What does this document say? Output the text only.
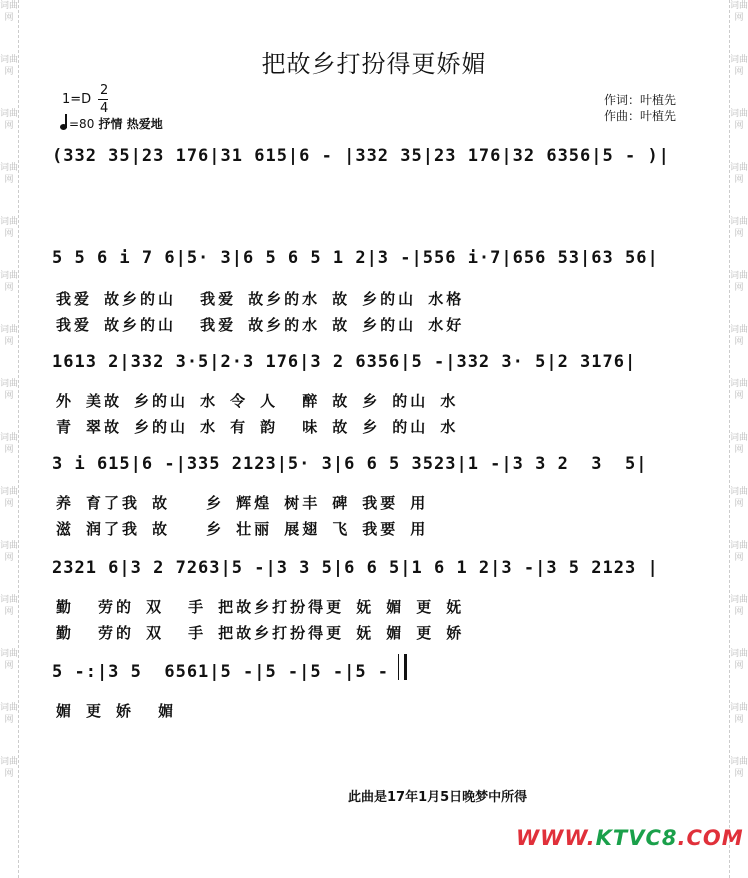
词曲网
词曲网
词曲网
词曲网
词曲网
词曲网
词曲网
词曲网
词曲网
词曲网
词曲网
词曲网
词曲网
词曲网
词曲网
词曲网
词曲网
词曲网
词曲网
词曲网
词曲网
词曲网
词曲网
词曲网
词曲网
词曲网
词曲网
词曲网
词曲网
词曲网
把故乡打扮得更娇媚
1=D
2
4
=80 抒情 热爱地
作词：叶植先
作曲：叶植先
(332 35|23 176|31 615|6 - |332 35|23 176|32 6356|5 - )|
5 5 6 i 7 6|5· 3|6 5 6 5 1 2|3 -|556 i·7|656 53|63 56|
我爱 故乡的山  我爱 故乡的水 故 乡的山 水格
我爱 故乡的山  我爱 故乡的水 故 乡的山 水好
1613 2|332 3·5|2·3 176|3 2 6356|5 -|332 3· 5|2 3176|
外 美故 乡的山 水 令 人  醉 故 乡 的山 水
青 翠故 乡的山 水 有 韵  味 故 乡 的山 水
3 i 615|6 -|335 2123|5· 3|6 6 5 3523|1 -|3 3 2  3  5|
养 育了我 故   乡 辉煌 树丰 碑 我要 用
滋 润了我 故   乡 壮丽 展翅 飞 我要 用
2321 6|3 2 7263|5 -|3 3 5|6 6 5|1 6 1 2|3 -|3 5 2123 |
勤  劳的 双  手 把故乡打扮得更 妩 媚 更 妩
勤  劳的 双  手 把故乡打扮得更 妩 媚 更 娇
5 -:|3 5  6561|5 -|5 -|5 -|5 -
媚 更 娇  媚
此曲是17年1月5日晚梦中所得
WWW.KTVC8.COM
